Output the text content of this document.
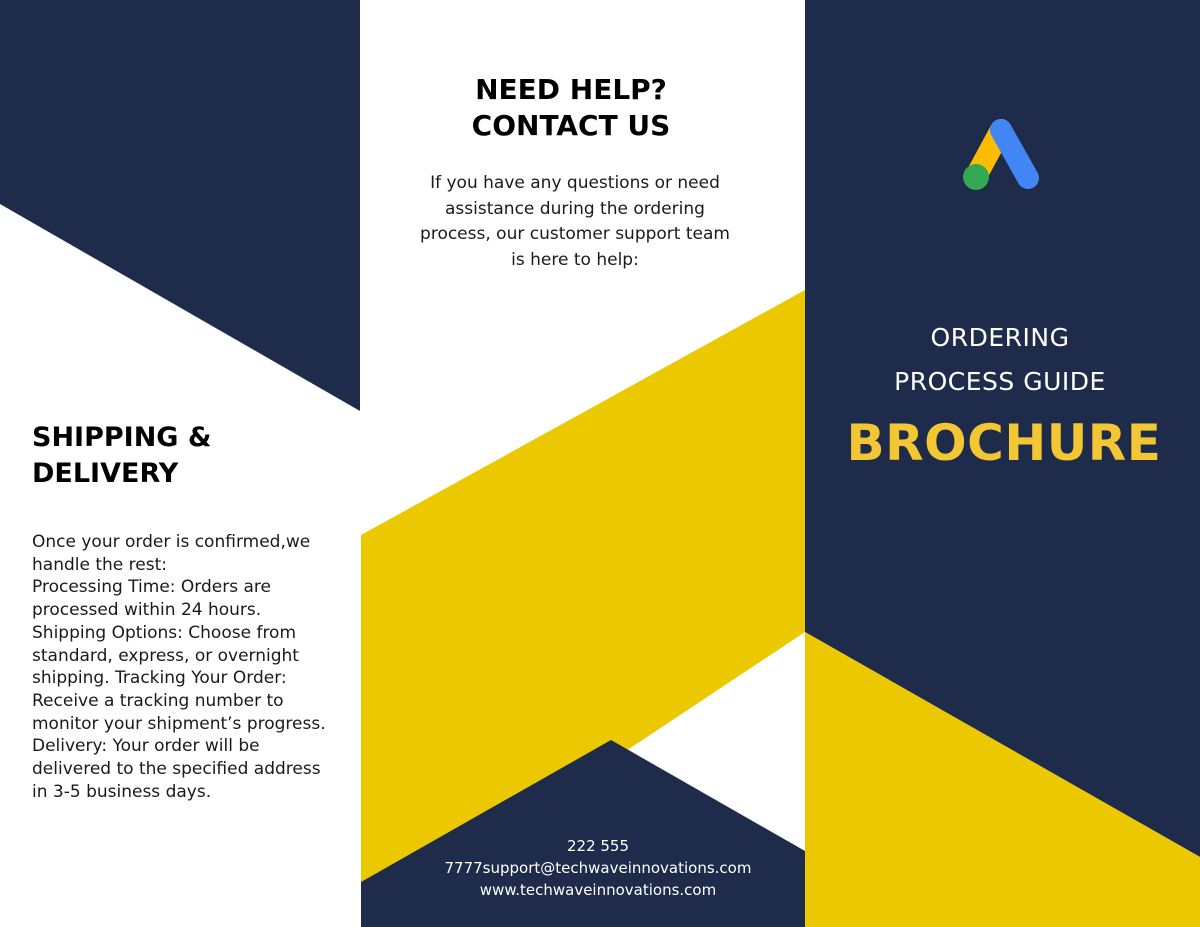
SHIPPING &
DELIVERY

Once your order is confirmed,we

handle the rest:

Processing Time: Orders are

processed within 24 hours.

Shipping Options: Choose from

standard, express, or overnight

shipping. Tracking Your Order:

Receive a tracking number to

monitor your shipment’s progress.

Delivery: Your order will be

delivered to the specified address

in 3-5 business days.

NEED HELP?
CONTACT US
If you have any questions or need
assistance during the ordering
process, our customer support team
is here to help:
222 555
7777support@techwaveinnovations.com
www.techwaveinnovations.com
ORDERING
PROCESS GUIDE
BROCHURE
